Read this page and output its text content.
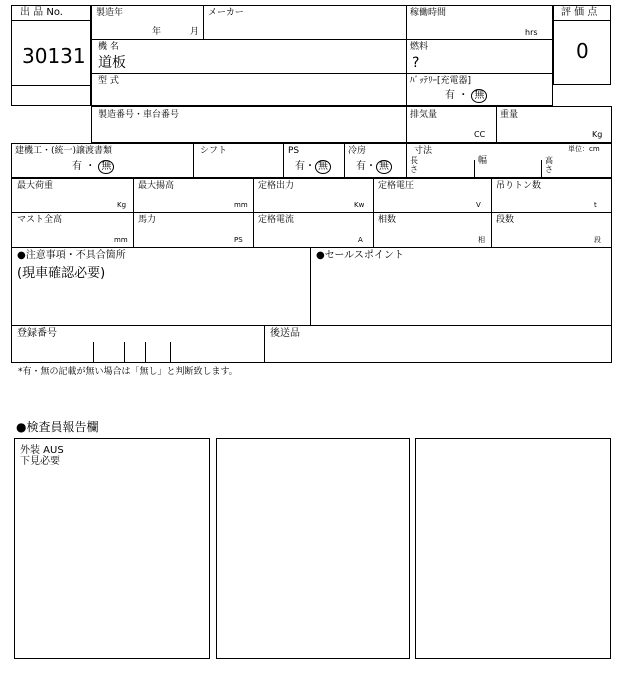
出 品 No.
30131
評 価 点
0
製造年
年	月
メーカー	稼働時間
hrs
機 名
道板
燃料
?
型 式	ﾊﾞｯﾃﾘｰ[充電器]
有 ・ 無
製造番号・車台番号	排気量
CC
重量
Kg
建機工・(統一)譲渡書類
有 ・ 無
シフト	PS
有・ 無
冷房
有・ 無
寸法	単位：cm
長
さ
幅	高
さ
最大荷重
Kg
最大揚高
mm
定格出力
Kw
定格電圧
V
吊りトン数
t
マスト全高
mm
馬力
PS
定格電流
A
相数
相
段数
段
●注意事項・不具合箇所
(現車確認必要)
●セールスポイント
登録番号	後送品
*有・無の記載が無い場合は「無し」と判断致します。
●検査員報告欄
外装 AUS
下見必要
